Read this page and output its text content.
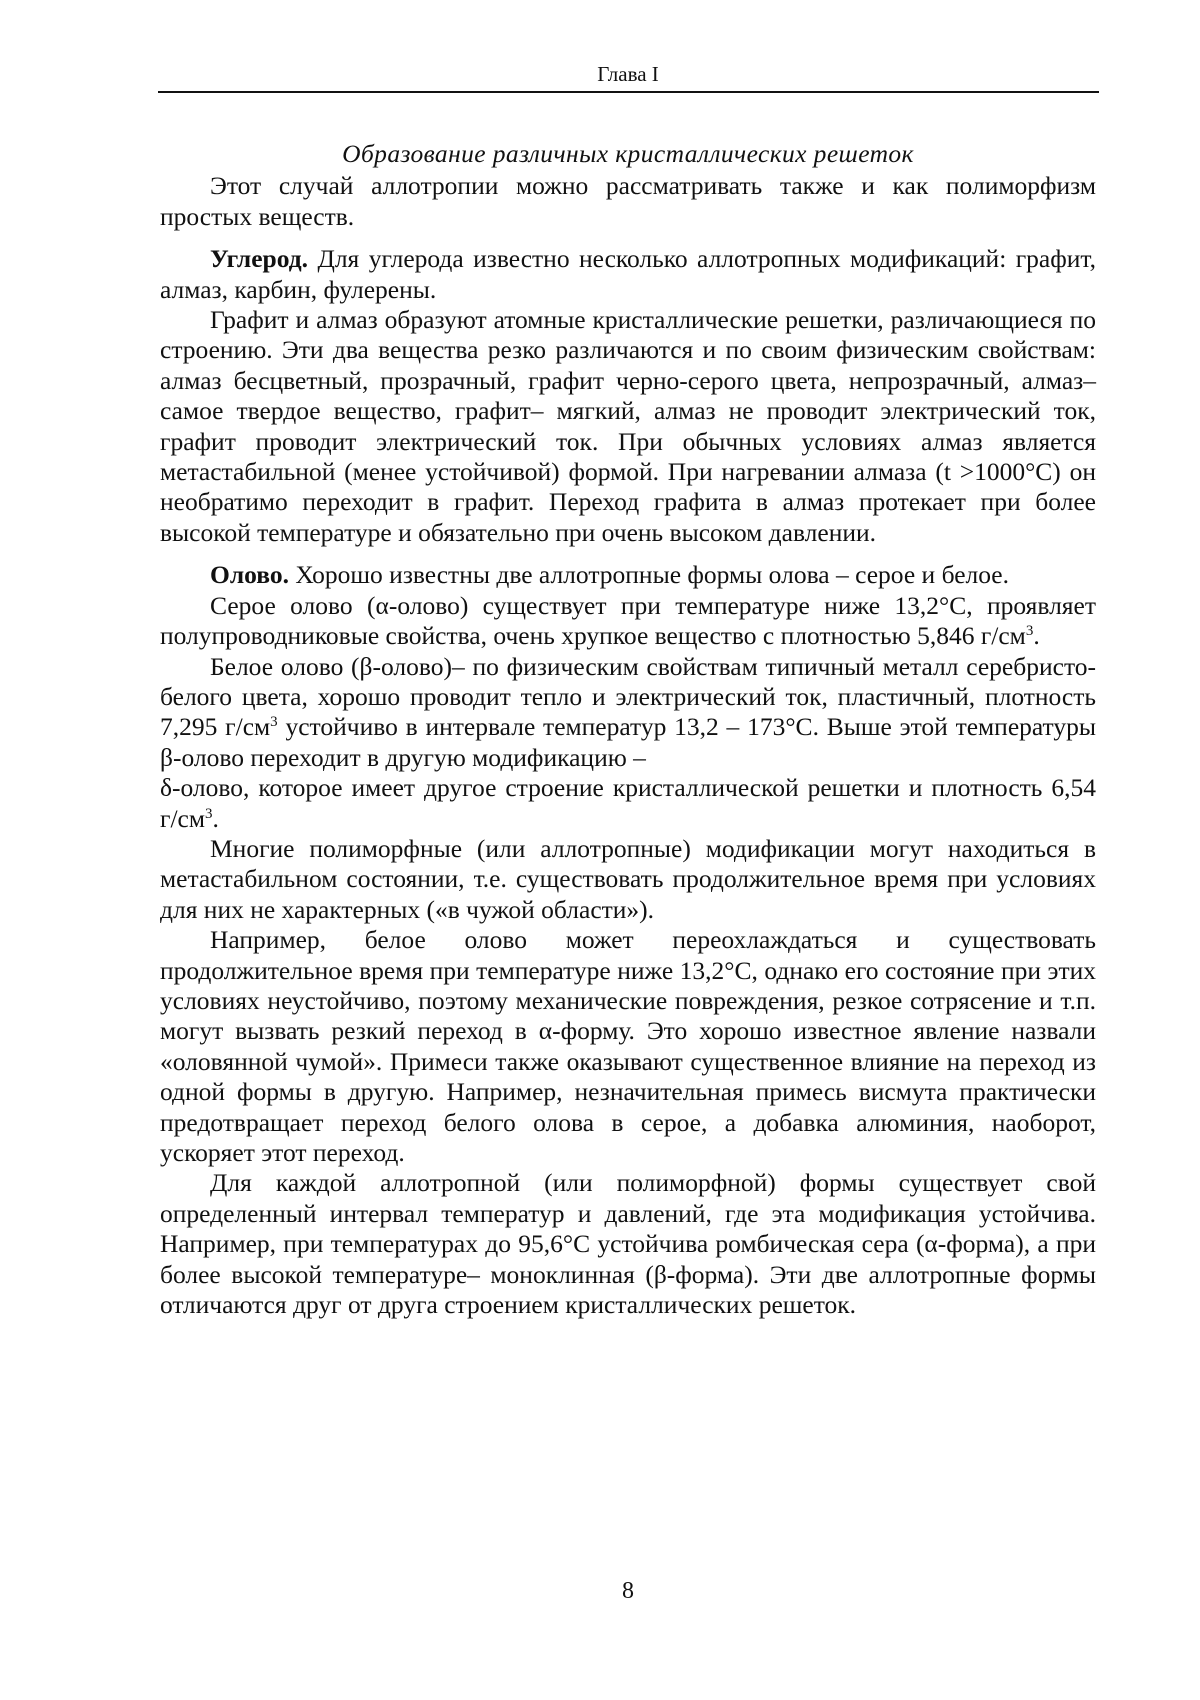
Глава I

Образование различных кристаллических решеток

Этот случай аллотропии можно рассматривать также и как полиморфизм простых веществ.

Углерод. Для углерода известно несколько аллотропных модификаций: графит, алмаз, карбин, фулерены.

Графит и алмаз образуют атомные кристаллические решетки, различающиеся по строению. Эти два вещества резко различаются и по своим физическим свойствам: алмаз бесцветный, прозрачный, графит черно-серого цвета, непрозрачный, алмаз– самое твердое вещество, графит– мягкий, алмаз не проводит электрический ток, графит проводит электрический ток. При обычных условиях алмаз является метастабильной (менее устойчивой) формой. При нагревании алмаза (t >1000°C) он необратимо переходит в графит. Переход графита в алмаз протекает при более высокой температуре и обязательно при очень высоком давлении.

Олово. Хорошо известны две аллотропные формы олова – серое и белое.

Серое олово (α-олово) существует при температуре ниже 13,2°С, проявляет полупроводниковые свойства, очень хрупкое вещество с плотностью 5,846 $г/см^3$.

Белое олово (β-олово)– по физическим свойствам типичный металл серебристо-белого цвета, хорошо проводит тепло и электрический ток, пластичный, плотность 7,295 $г/см^3$ устойчиво в интервале температур 13,2 – 173°С. Выше этой температуры β-олово переходит в другую модификацию –

δ-олово, которое имеет другое строение кристаллической решетки и плотность 6,54 $г/см^3$.

Многие полиморфные (или аллотропные) модификации могут находиться в метастабильном состоянии, т.е. существовать продолжительное время при условиях для них не характерных («в чужой области»).

Например, белое олово может переохлаждаться и существовать продолжительное время при температуре ниже 13,2°С, однако его состояние при этих условиях неустойчиво, поэтому механические повреждения, резкое сотрясение и т.п. могут вызвать резкий переход в α-форму. Это хорошо известное явление назвали «оловянной чумой». Примеси также оказывают существенное влияние на переход из одной формы в другую. Например, незначительная примесь висмута практически предотвращает переход белого олова в серое, а добавка алюминия, наоборот, ускоряет этот переход.

Для каждой аллотропной (или полиморфной) формы существует свой определенный интервал температур и давлений, где эта модификация устойчива. Например, при температурах до 95,6°С устойчива ромбическая сера (α-форма), а при более высокой температуре– моноклинная (β-форма). Эти две аллотропные формы отличаются друг от друга строением кристаллических решеток.

8
